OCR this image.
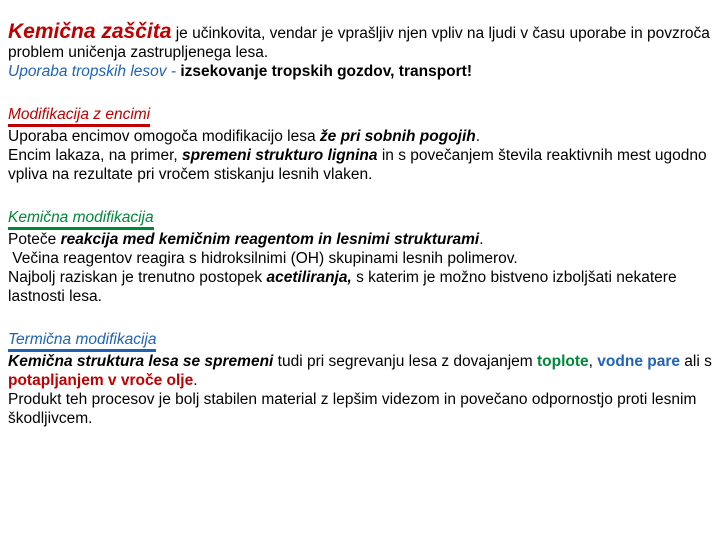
Kemična zaščita je učinkovita, vendar je vprašljiv njen vpliv na ljudi v času uporabe in povzroča problem uničenja zastrupljenega lesa.

Uporaba tropskih lesov - izsekovanje tropskih gozdov, transport!

Modifikacija z encimi

Uporaba encimov omogoča modifikacijo lesa že pri sobnih pogojih.

Encim lakaza, na primer, spremeni strukturo lignina in s povečanjem števila reaktivnih mest ugodno vpliva na rezultate pri vročem stiskanju lesnih vlaken.

Kemična modifikacija

Poteče reakcija med kemičnim reagentom in lesnimi strukturami.

Večina reagentov reagira s hidroksilnimi (OH) skupinami lesnih polimerov.

Najbolj raziskan je trenutno postopek acetiliranja, s katerim je možno bistveno izboljšati nekatere lastnosti lesa.

Termična modifikacija

Kemična struktura lesa se spremeni tudi pri segrevanju lesa z dovajanjem toplote, vodne pare ali s potapljanjem v vroče olje.

Produkt teh procesov je bolj stabilen material z lepšim videzom in povečano odpornostjo proti lesnim škodljivcem.
